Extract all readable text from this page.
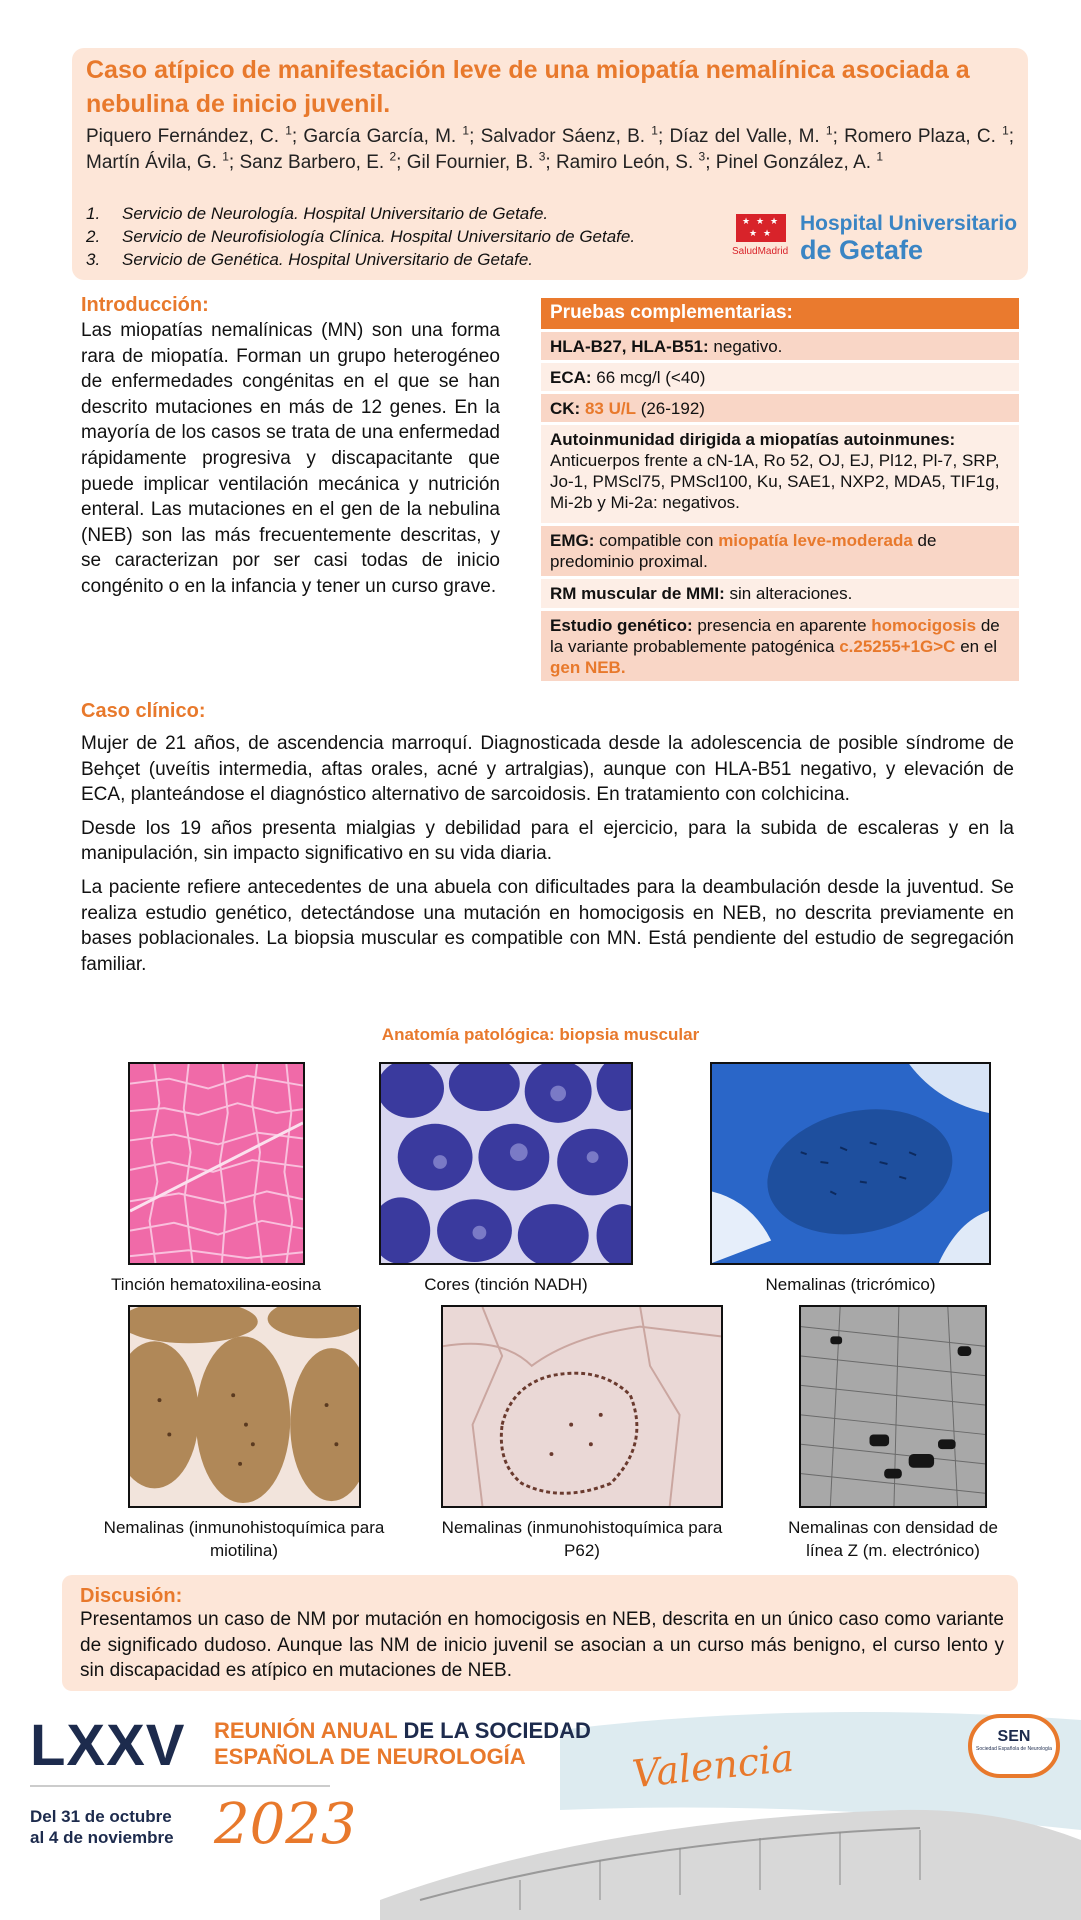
Caso atípico de manifestación leve de una miopatía nemalínica asociada a nebulina de inicio juvenil.
Piquero Fernández, C. $^1$; García García, M. $^1$; Salvador Sáenz, B. $^1$; Díaz del Valle, M. $^1$; Romero Plaza, C. $^1$; Martín Ávila, G. $^1$; Sanz Barbero, E. $^2$; Gil Fournier, B. $^3$; Ramiro León, S. $^3$; Pinel González, A. $^1$
1.	Servicio de Neurología. Hospital Universitario de Getafe.
2.	Servicio de Neurofisiología Clínica. Hospital Universitario de Getafe.
3.	Servicio de Genética. Hospital Universitario de Getafe.
★ ★ ★
★ ★
SaludMadrid
Hospital Universitario
de Getafe
Introducción:
Las miopatías nemalínicas (MN) son una forma rara de miopatía. Forman un grupo heterogéneo de enfermedades congénitas en el que se han descrito mutaciones en más de 12 genes. En la mayoría de los casos se trata de una enfermedad rápidamente progresiva y discapacitante que puede implicar ventilación mecánica y nutrición enteral. Las mutaciones en el gen de la nebulina (NEB) son las más frecuentemente descritas, y se caracterizan por ser casi todas de inicio congénito o en la infancia y tener un curso grave.
Pruebas complementarias:
HLA-B27, HLA-B51: negativo.
ECA: 66 mcg/l (<40)
CK: 83 U/L (26-192)
Autoinmunidad dirigida a miopatías autoinmunes:
Anticuerpos frente a cN-1A, Ro 52, OJ, EJ, Pl12, Pl-7, SRP, Jo-1, PMScl75, PMScl100, Ku, SAE1, NXP2, MDA5, TIF1g, Mi-2b y Mi-2a: negativos.
EMG: compatible con miopatía leve-moderada de predominio proximal.
RM muscular de MMI: sin alteraciones.
Estudio genético: presencia en aparente homocigosis de la variante probablemente patogénica c.25255+1G>C en el gen NEB.
Caso clínico:

Mujer de 21 años, de ascendencia marroquí. Diagnosticada desde la adolescencia de posible síndrome de Behçet (uveítis intermedia, aftas orales, acné y artralgias), aunque con HLA-B51 negativo, y elevación de ECA, planteándose el diagnóstico alternativo de sarcoidosis. En tratamiento con colchicina.

Desde los 19 años presenta mialgias y debilidad para el ejercicio, para la subida de escaleras y en la manipulación, sin impacto significativo en su vida diaria.

La paciente refiere antecedentes de una abuela con dificultades para la deambulación desde la juventud. Se realiza estudio genético, detectándose una mutación en homocigosis en NEB, no descrita previamente en bases poblacionales. La biopsia muscular es compatible con MN. Está pendiente del estudio de segregación familiar.

Anatomía patológica: biopsia muscular
Tinción hematoxilina-eosina	Cores (tinción NADH)	Nemalinas (tricrómico)
Nemalinas (inmunohistoquímica para miotilina)
Nemalinas (inmunohistoquímica para P62)
Nemalinas con densidad de línea Z (m. electrónico)
Discusión:
Presentamos un caso de NM por mutación en homocigosis en NEB, descrita en un único caso como variante de significado dudoso. Aunque las NM de inicio juvenil se asocian a un curso más benigno, el curso lento y sin discapacidad es atípico en mutaciones de NEB.
LXXV REUNIÓN ANUAL DE LA SOCIEDAD
ESPAÑOLA DE NEUROLOGÍA
Del 31 de octubre
al 4 de noviembre 2023
Valencia	SEN
Sociedad Española de Neurología
